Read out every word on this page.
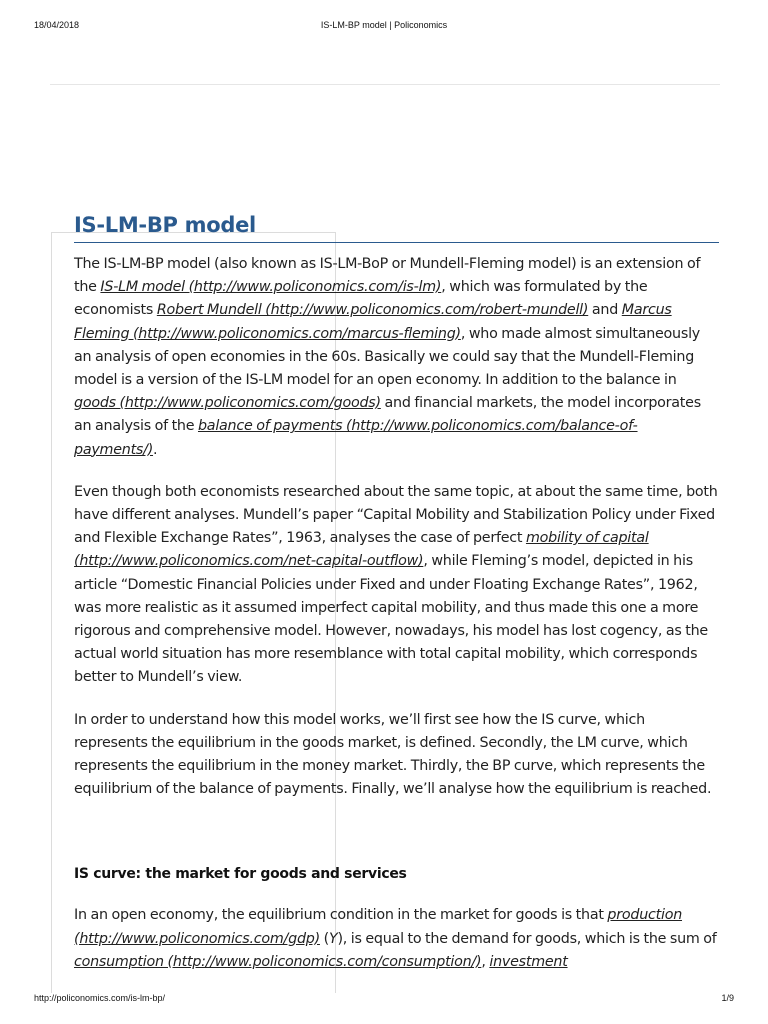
18/04/2018	IS-LM-BP model | Policonomics
IS-LM-BP model

The IS-LM-BP model (also known as IS-LM-BoP or Mundell-Fleming model) is an extension of the IS-LM model (http://www.policonomics.com/is-lm), which was formulated by the economists Robert Mundell (http://www.policonomics.com/robert-mundell) and Marcus Fleming (http://www.policonomics.com/marcus-fleming), who made almost simultaneously an analysis of open economies in the 60s. Basically we could say that the Mundell-Fleming model is a version of the IS-LM model for an open economy. In addition to the balance in goods (http://www.policonomics.com/goods) and financial markets, the model incorporates an analysis of the balance of payments (http://www.policonomics.com/balance-of-payments/).

Even though both economists researched about the same topic, at about the same time, both have different analyses. Mundell’s paper “Capital Mobility and Stabilization Policy under Fixed and Flexible Exchange Rates”, 1963, analyses the case of perfect mobility of capital (http://www.policonomics.com/net-capital-outflow), while Fleming’s model, depicted in his article “Domestic Financial Policies under Fixed and under Floating Exchange Rates”, 1962, was more realistic as it assumed imperfect capital mobility, and thus made this one a more rigorous and comprehensive model. However, nowadays, his model has lost cogency, as the actual world situation has more resemblance with total capital mobility, which corresponds better to Mundell’s view.

In order to understand how this model works, we’ll first see how the IS curve, which represents the equilibrium in the goods market, is defined. Secondly, the LM curve, which represents the equilibrium in the money market. Thirdly, the BP curve, which represents the equilibrium of the balance of payments. Finally, we’ll analyse how the equilibrium is reached.

IS curve: the market for goods and services

In an open economy, the equilibrium condition in the market for goods is that production (http://www.policonomics.com/gdp) (Y), is equal to the demand for goods, which is the sum of consumption (http://www.policonomics.com/consumption/), investment

http://policonomics.com/is-lm-bp/	1/9
